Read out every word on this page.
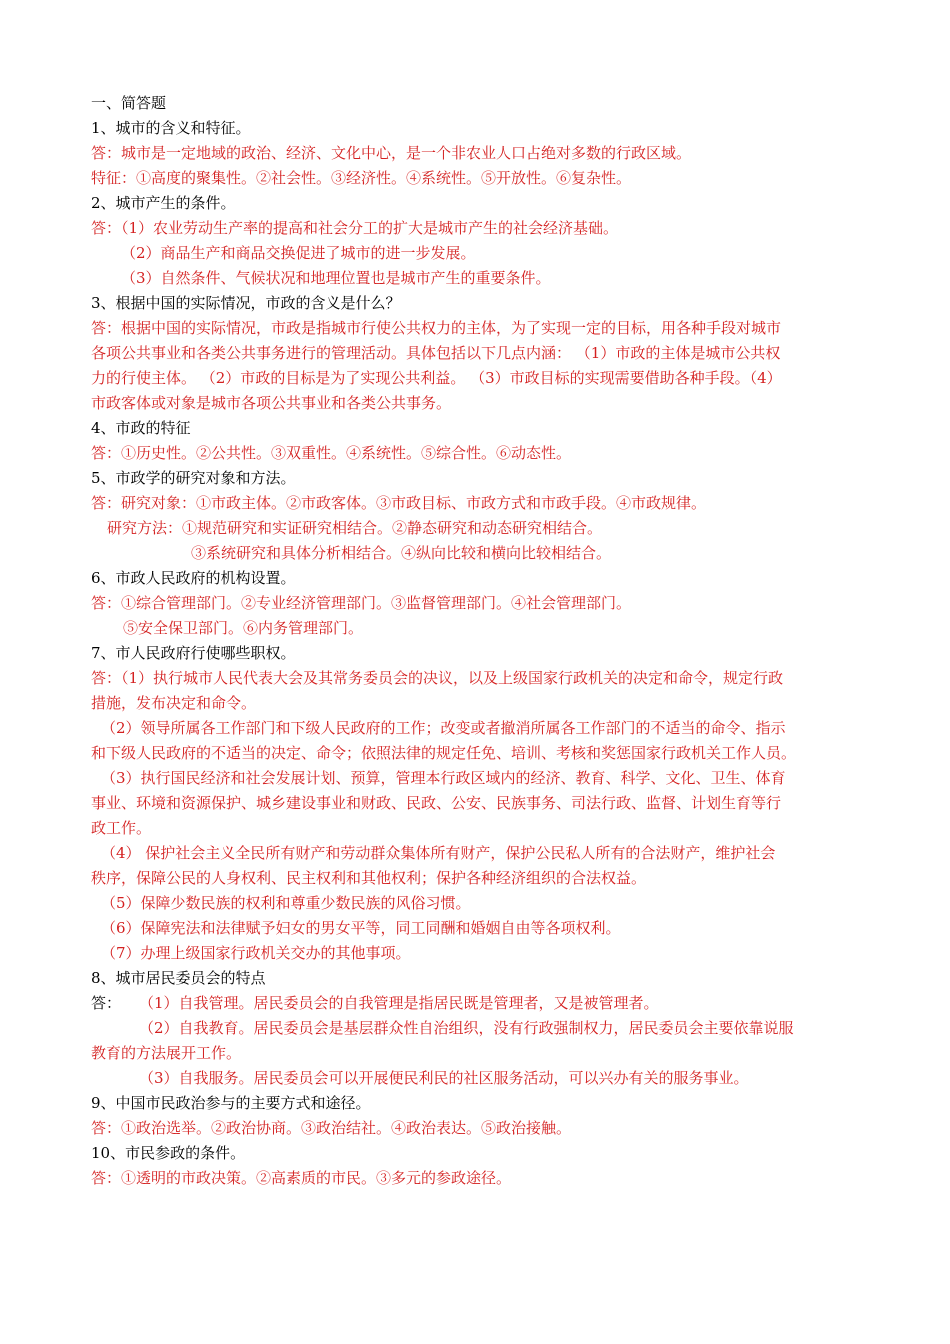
一、简答题
1、城市的含义和特征。
答：城市是一定地域的政治、经济、文化中心，是一个非农业人口占绝对多数的行政区域。
特征：①高度的聚集性。②社会性。③经济性。④系统性。⑤开放性。⑥复杂性。
2、城市产生的条件。
答：（1）农业劳动生产率的提高和社会分工的扩大是城市产生的社会经济基础。
（2）商品生产和商品交换促进了城市的进一步发展。
（3）自然条件、气候状况和地理位置也是城市产生的重要条件。
3、根据中国的实际情况，市政的含义是什么？
答：根据中国的实际情况，市政是指城市行使公共权力的主体，为了实现一定的目标，用各种手段对城市
各项公共事业和各类公共事务进行的管理活动。具体包括以下几点内涵： （1）市政的主体是城市公共权
力的行使主体。 （2）市政的目标是为了实现公共利益。 （3）市政目标的实现需要借助各种手段。（4）
市政客体或对象是城市各项公共事业和各类公共事务。
4、市政的特征
答：①历史性。②公共性。③双重性。④系统性。⑤综合性。⑥动态性。
5、市政学的研究对象和方法。
答：研究对象：①市政主体。②市政客体。③市政目标、市政方式和市政手段。④市政规律。
研究方法：①规范研究和实证研究相结合。②静态研究和动态研究相结合。
③系统研究和具体分析相结合。④纵向比较和横向比较相结合。
6、市政人民政府的机构设置。
答：①综合管理部门。②专业经济管理部门。③监督管理部门。④社会管理部门。
⑤安全保卫部门。⑥内务管理部门。
7、市人民政府行使哪些职权。
答：（1）执行城市人民代表大会及其常务委员会的决议，以及上级国家行政机关的决定和命令，规定行政
措施，发布决定和命令。
（2）领导所属各工作部门和下级人民政府的工作；改变或者撤消所属各工作部门的不适当的命令、指示
和下级人民政府的不适当的决定、命令；依照法律的规定任免、培训、考核和奖惩国家行政机关工作人员。
（3）执行国民经济和社会发展计划、预算，管理本行政区域内的经济、教育、科学、文化、卫生、体育
事业、环境和资源保护、城乡建设事业和财政、民政、公安、民族事务、司法行政、监督、计划生育等行
政工作。
（4） 保护社会主义全民所有财产和劳动群众集体所有财产，保护公民私人所有的合法财产，维护社会
秩序，保障公民的人身权利、民主权利和其他权利；保护各种经济组织的合法权益。
（5）保障少数民族的权利和尊重少数民族的风俗习惯。
（6）保障宪法和法律赋予妇女的男女平等，同工同酬和婚姻自由等各项权利。
（7）办理上级国家行政机关交办的其他事项。
8、城市居民委员会的特点
答： （1）自我管理。居民委员会的自我管理是指居民既是管理者，又是被管理者。
（2）自我教育。居民委员会是基层群众性自治组织，没有行政强制权力，居民委员会主要依靠说服
教育的方法展开工作。
（3）自我服务。居民委员会可以开展便民利民的社区服务活动，可以兴办有关的服务事业。
9、中国市民政治参与的主要方式和途径。
答：①政治选举。②政治协商。③政治结社。④政治表达。⑤政治接触。
10、市民参政的条件。
答：①透明的市政决策。②高素质的市民。③多元的参政途径。
